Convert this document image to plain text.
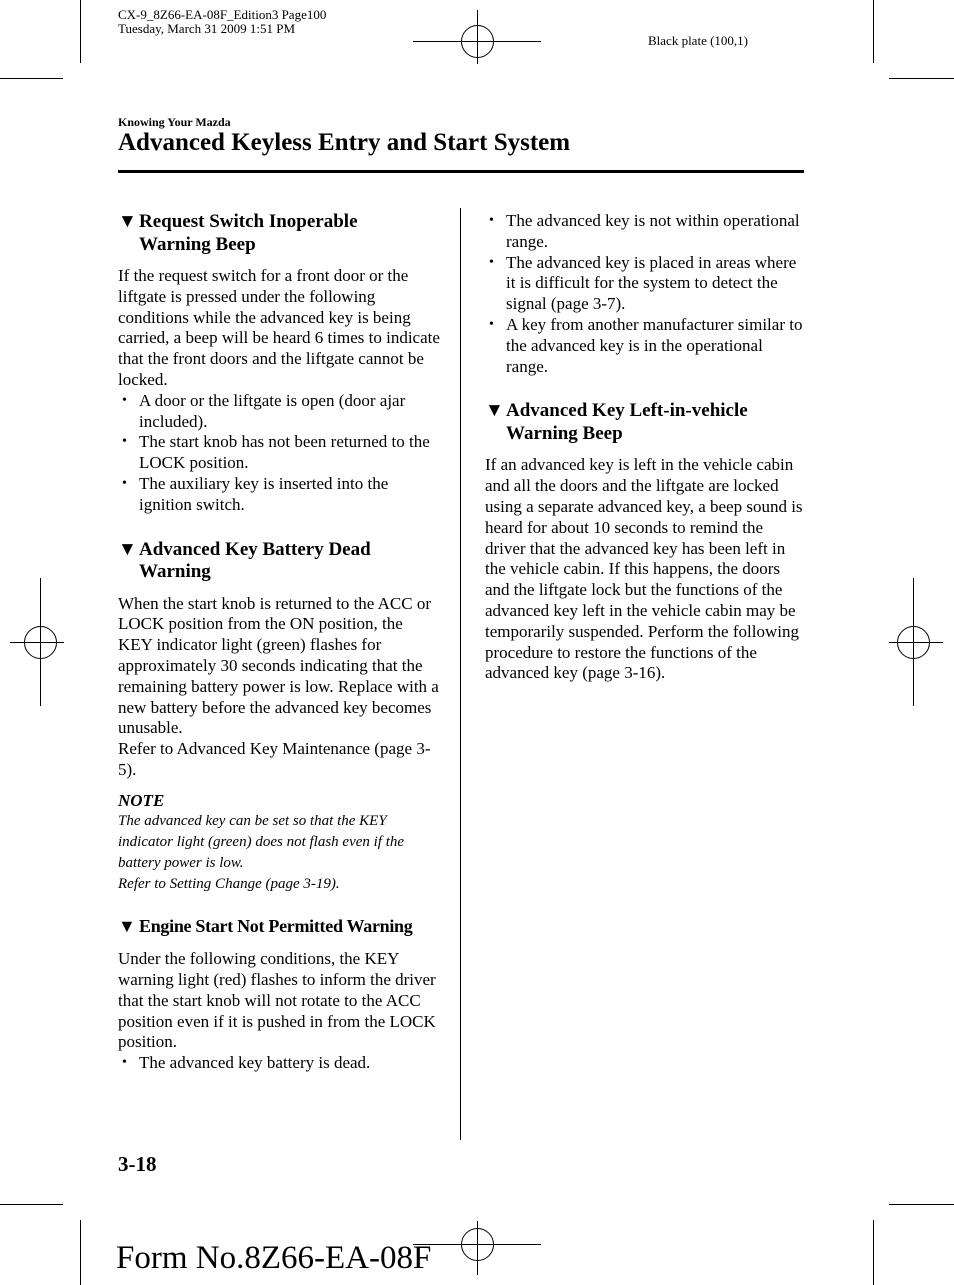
CX-9_8Z66-EA-08F_Edition3 Page100
Tuesday, March 31 2009 1:51 PM
Black plate (100,1)
Knowing Your Mazda
Advanced Keyless Entry and Start System
▼ Request Switch Inoperable
Warning Beep

If the request switch for a front door or the liftgate is pressed under the following conditions while the advanced key is being carried, a beep will be heard 6 times to indicate that the front doors and the liftgate cannot be locked.

• A door or the liftgate is open (door ajar included).
• The start knob has not been returned to the LOCK position.
• The auxiliary key is inserted into the ignition switch.
▼ Advanced Key Battery Dead
Warning

When the start knob is returned to the ACC or LOCK position from the ON position, the KEY indicator light (green) flashes for approximately 30 seconds indicating that the remaining battery power is low. Replace with a new battery before the advanced key becomes unusable.

Refer to Advanced Key Maintenance (page 3-5).

NOTE
The advanced key can be set so that the KEY indicator light (green) does not flash even if the battery power is low.
Refer to Setting Change (page 3-19).
▼ Engine Start Not Permitted Warning

Under the following conditions, the KEY warning light (red) flashes to inform the driver that the start knob will not rotate to the ACC position even if it is pushed in from the LOCK position.

• The advanced key battery is dead.
• The advanced key is not within operational range.
• The advanced key is placed in areas where it is difficult for the system to detect the signal (page 3-7).
• A key from another manufacturer similar to the advanced key is in the operational range.
▼ Advanced Key Left-in-vehicle
Warning Beep

If an advanced key is left in the vehicle cabin and all the doors and the liftgate are locked using a separate advanced key, a beep sound is heard for about 10 seconds to remind the driver that the advanced key has been left in the vehicle cabin. If this happens, the doors and the liftgate lock but the functions of the advanced key left in the vehicle cabin may be temporarily suspended. Perform the following procedure to restore the functions of the advanced key (page 3-16).

3-18
Form No.8Z66-EA-08F
